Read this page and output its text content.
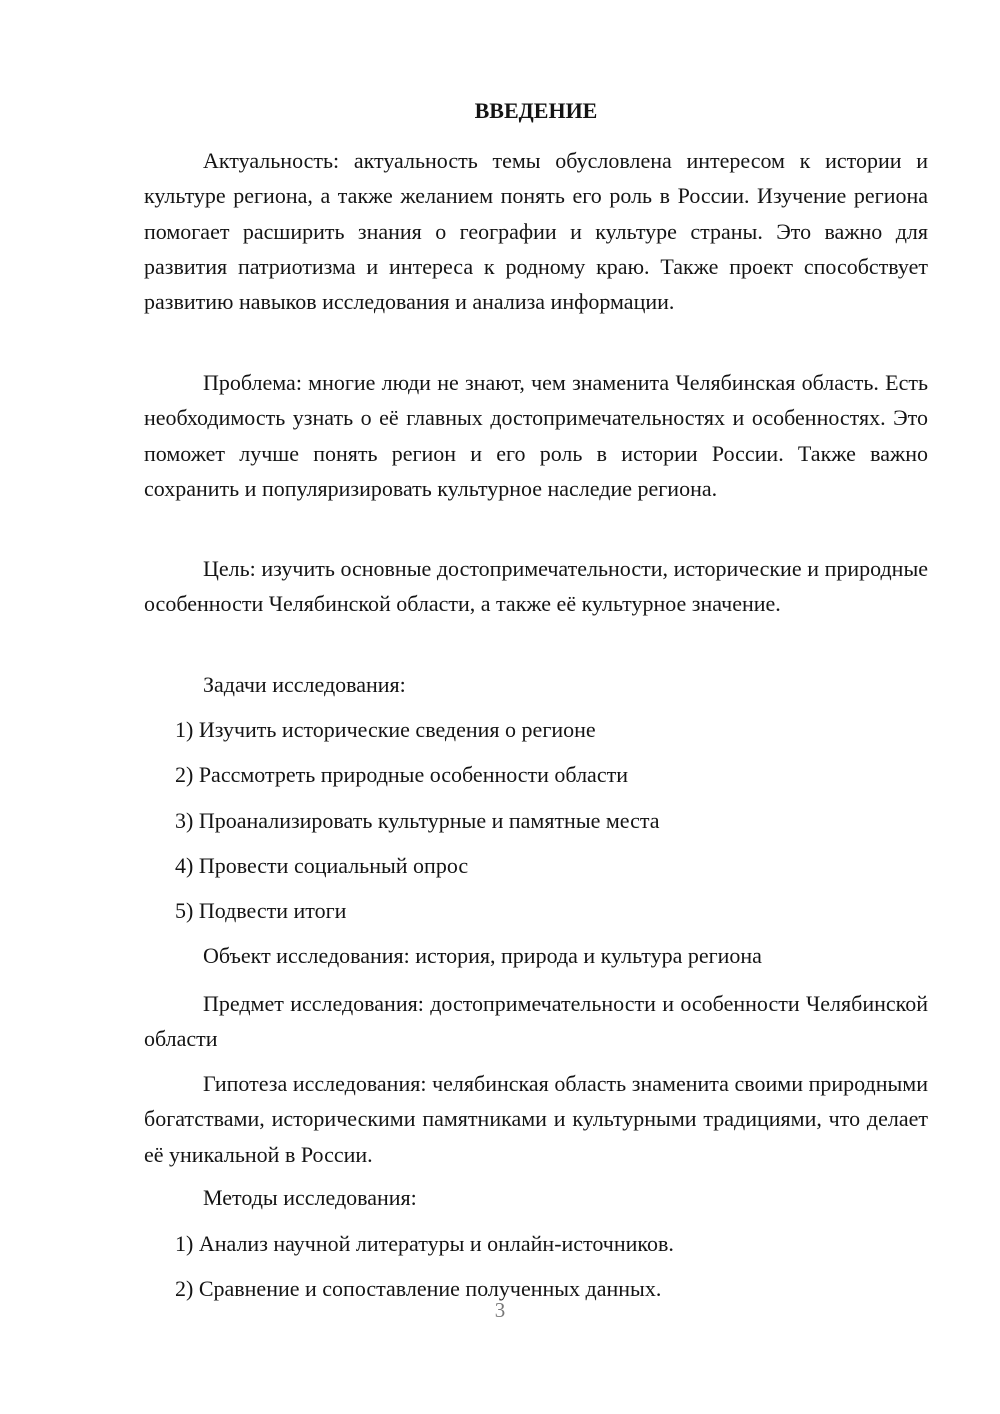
ВВЕДЕНИЕ

Актуальность: актуальность темы обусловлена интересом к истории и культуре региона, а также желанием понять его роль в России. Изучение региона помогает расширить знания о географии и культуре страны. Это важно для развития патриотизма и интереса к родному краю. Также проект способствует развитию навыков исследования и анализа информации.

Проблема: многие люди не знают, чем знаменита Челябинская область. Есть необходимость узнать о её главных достопримечательностях и особенностях. Это поможет лучше понять регион и его роль в истории России. Также важно сохранить и популяризировать культурное наследие региона.

Цель: изучить основные достопримечательности, исторические и природные особенности Челябинской области, а также её культурное значение.

Задачи исследования:

1) Изучить исторические сведения о регионе

2) Рассмотреть природные особенности области

3) Проанализировать культурные и памятные места

4) Провести социальный опрос

5) Подвести итоги

Объект исследования: история, природа и культура региона

Предмет исследования: достопримечательности и особенности Челябинской области

Гипотеза исследования: челябинская область знаменита своими природными богатствами, историческими памятниками и культурными традициями, что делает её уникальной в России.

Методы исследования:

1) Анализ научной литературы и онлайн-источников.

2) Сравнение и сопоставление полученных данных.

3
